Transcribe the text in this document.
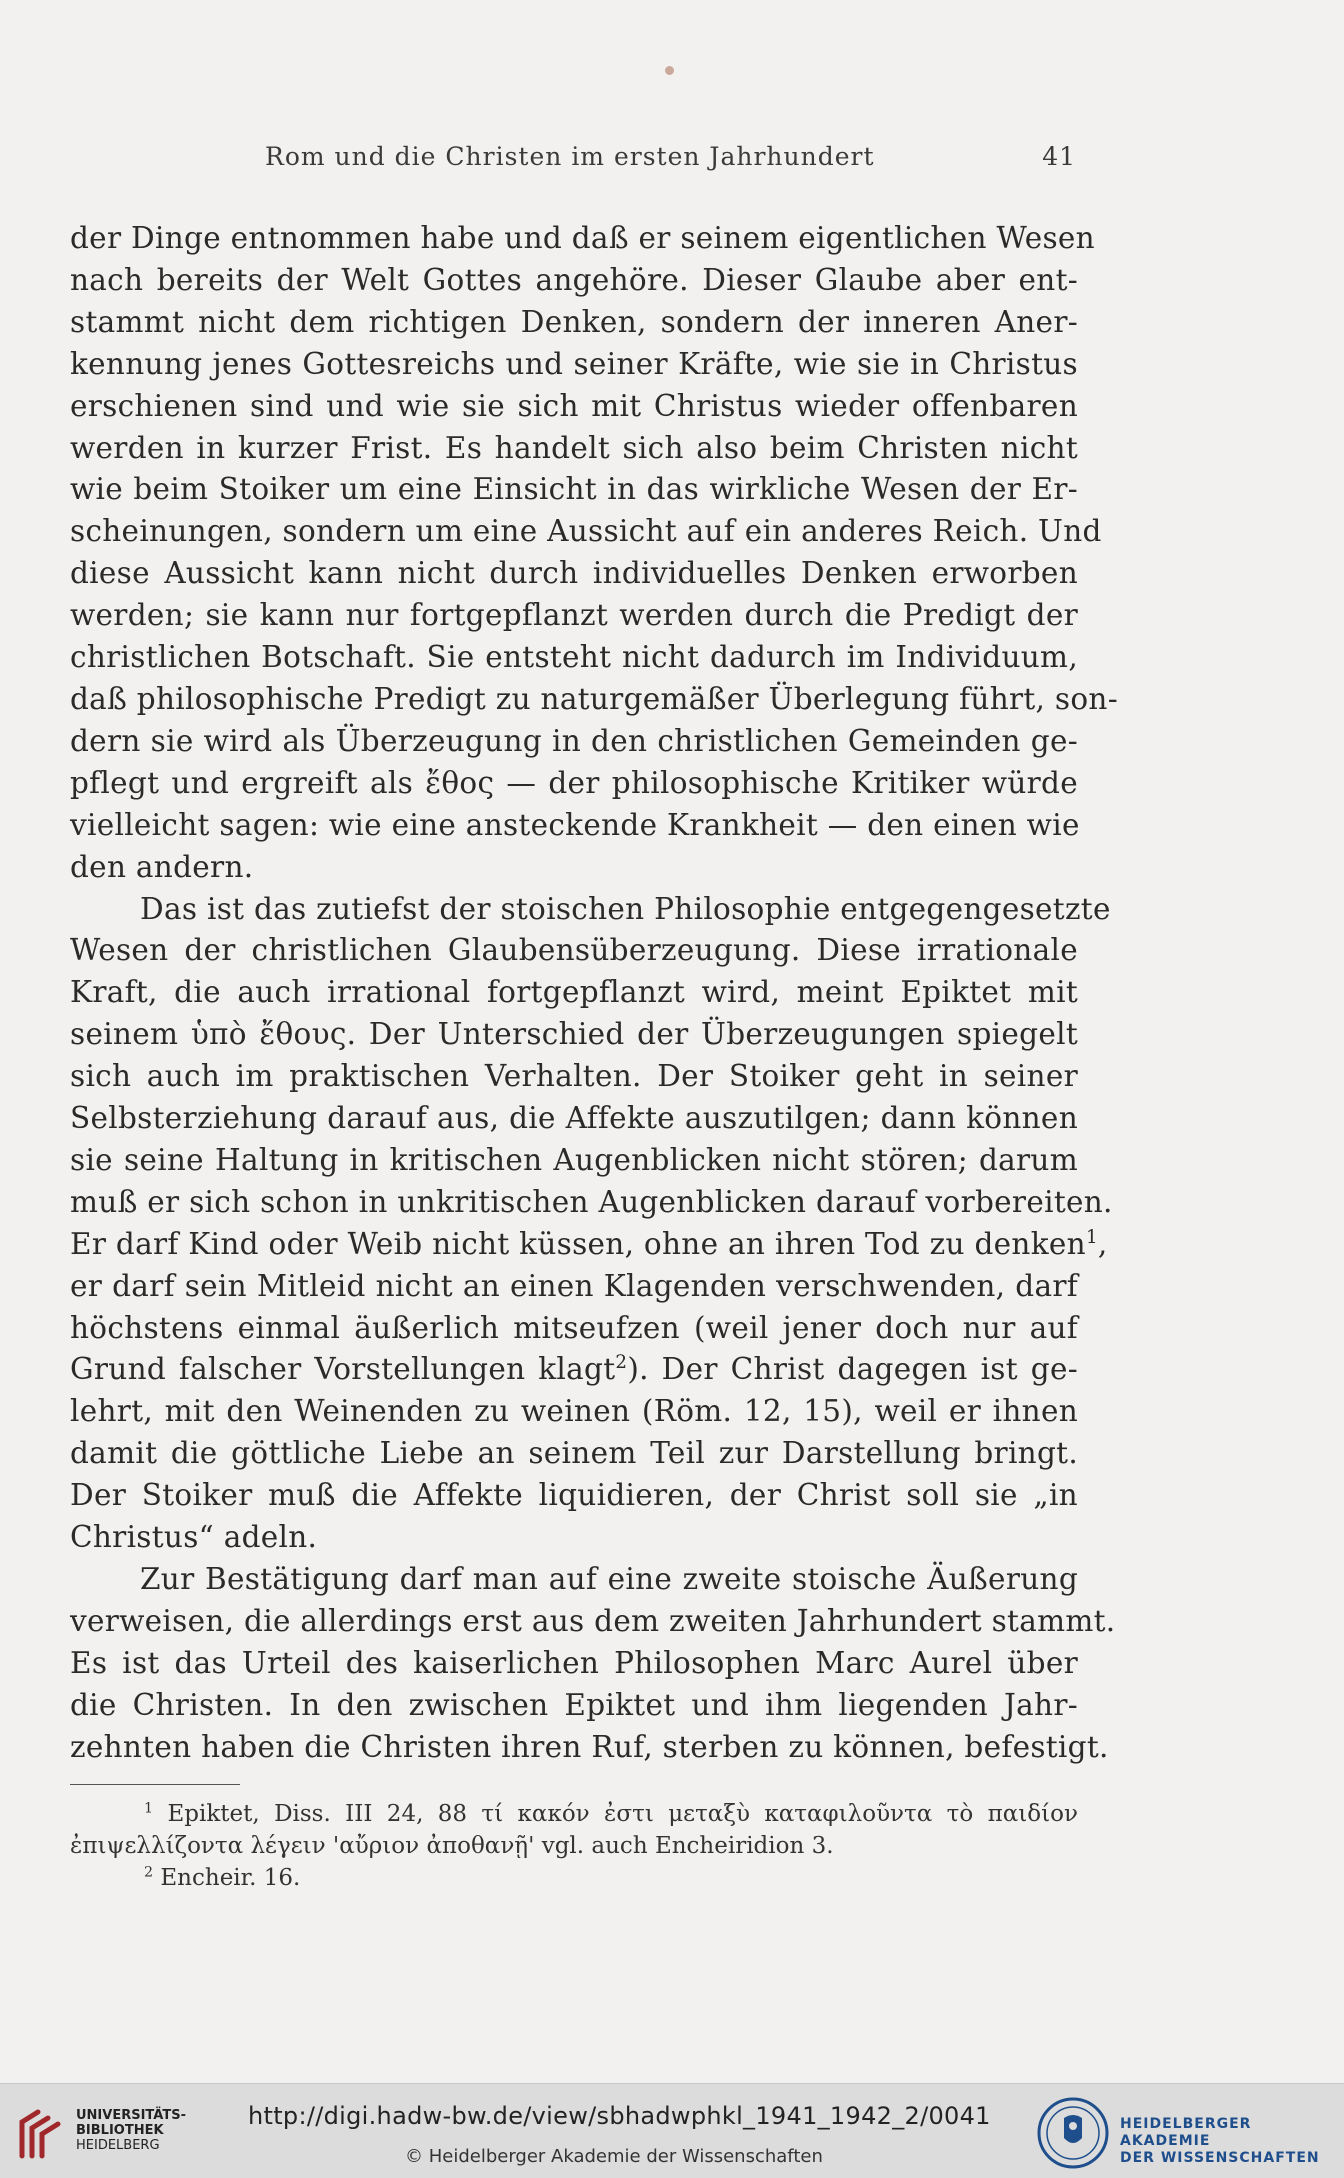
Rom und die Christen im ersten Jahrhundert	41
der Dinge entnommen habe und daß er seinem eigentlichen Wesen
nach bereits der Welt Gottes angehöre. Dieser Glaube aber ent-
stammt nicht dem richtigen Denken, sondern der inneren Aner-
kennung jenes Gottesreichs und seiner Kräfte, wie sie in Christus
erschienen sind und wie sie sich mit Christus wieder offenbaren
werden in kurzer Frist. Es handelt sich also beim Christen nicht
wie beim Stoiker um eine Einsicht in das wirkliche Wesen der Er-
scheinungen, sondern um eine Aussicht auf ein anderes Reich. Und
diese Aussicht kann nicht durch individuelles Denken erworben
werden; sie kann nur fortgepflanzt werden durch die Predigt der
christlichen Botschaft. Sie entsteht nicht dadurch im Individuum,
daß philosophische Predigt zu naturgemäßer Überlegung führt, son-
dern sie wird als Überzeugung in den christlichen Gemeinden ge-
pflegt und ergreift als ἔθος — der philosophische Kritiker würde
vielleicht sagen: wie eine ansteckende Krankheit — den einen wie
den andern.
Das ist das zutiefst der stoischen Philosophie entgegengesetzte
Wesen der christlichen Glaubensüberzeugung. Diese irrationale
Kraft, die auch irrational fortgepflanzt wird, meint Epiktet mit
seinem ὑπὸ ἔθους. Der Unterschied der Überzeugungen spiegelt
sich auch im praktischen Verhalten. Der Stoiker geht in seiner
Selbsterziehung darauf aus, die Affekte auszutilgen; dann können
sie seine Haltung in kritischen Augenblicken nicht stören; darum
muß er sich schon in unkritischen Augenblicken darauf vorbereiten.
Er darf Kind oder Weib nicht küssen, ohne an ihren Tod zu denken$^1$,
er darf sein Mitleid nicht an einen Klagenden verschwenden, darf
höchstens einmal äußerlich mitseufzen (weil jener doch nur auf
Grund falscher Vorstellungen klagt$^2$). Der Christ dagegen ist ge-
lehrt, mit den Weinenden zu weinen (Röm. 12, 15), weil er ihnen
damit die göttliche Liebe an seinem Teil zur Darstellung bringt.
Der Stoiker muß die Affekte liquidieren, der Christ soll sie „in
Christus“ adeln.
Zur Bestätigung darf man auf eine zweite stoische Äußerung
verweisen, die allerdings erst aus dem zweiten Jahrhundert stammt.
Es ist das Urteil des kaiserlichen Philosophen Marc Aurel über
die Christen. In den zwischen Epiktet und ihm liegenden Jahr-
zehnten haben die Christen ihren Ruf, sterben zu können, befestigt.
$^1$ Epiktet, Diss. III 24, 88 τί κακόν ἐστι μεταξὺ καταφιλοῦντα τὸ παιδίον
ἐπιψελλίζοντα λέγειν 'αὔριον ἀποθανῇ' vgl. auch Encheiridion 3.
$^2$ Encheir. 16.
UNIVERSITÄTS-
BIBLIOTHEK
HEIDELBERG
http://digi.hadw-bw.de/view/sbhadwphkl_1941_1942_2/0041
© Heidelberger Akademie der Wissenschaften
HEIDELBERGER AKADEMIE
DER WISSENSCHAFTEN
